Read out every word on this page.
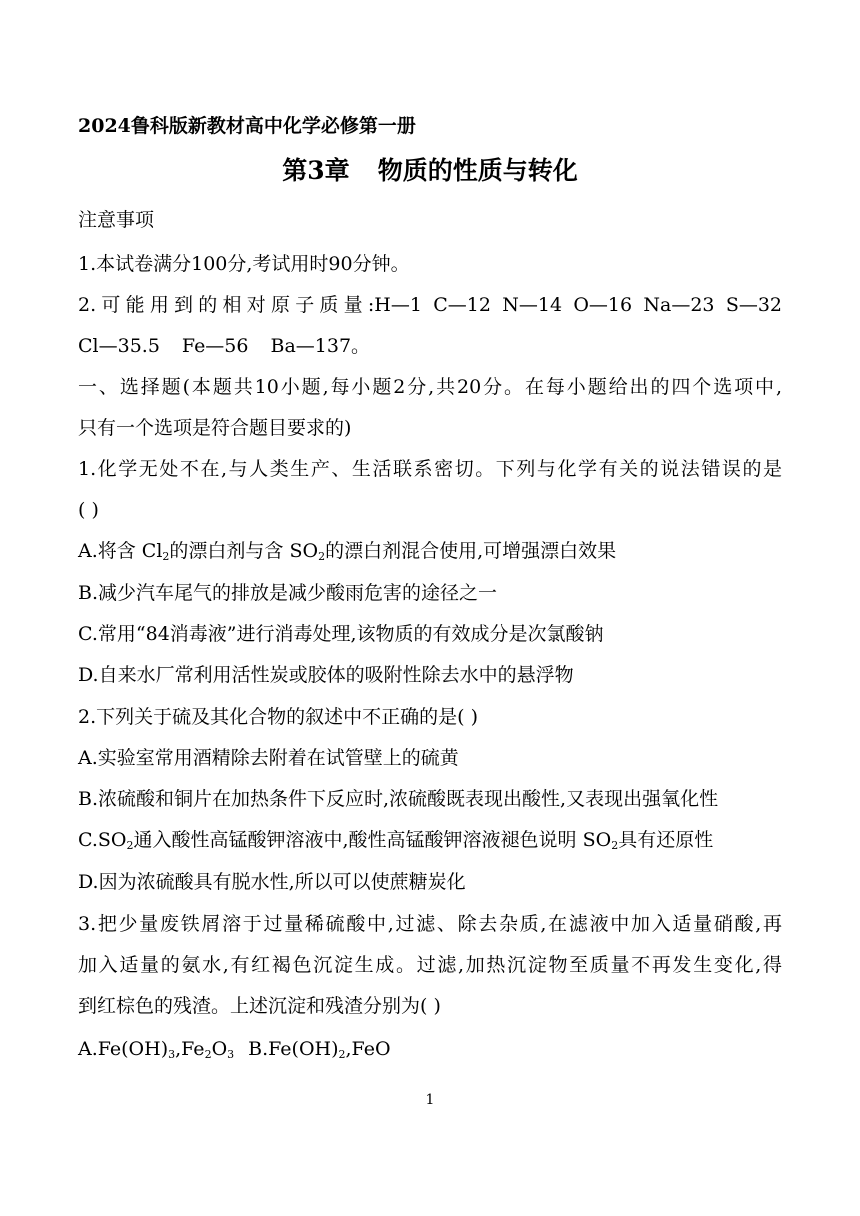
2024鲁科版新教材高中化学必修第一册
第3章 物质的性质与转化
注意事项
1.本试卷满分100分,考试用时90分钟。
2.可能用到的相对原子质量:H—1 C—12 N—14 O—16 Na—23 S—32
Cl—35.5 Fe—56 Ba—137。
一、选择题(本题共10小题,每小题2分,共20分。在每小题给出的四个选项中,
只有一个选项是符合题目要求的)
1.化学无处不在,与人类生产、生活联系密切。下列与化学有关的说法错误的是
( )
A.将含 $Cl_2$的漂白剂与含 $SO_2$的漂白剂混合使用,可增强漂白效果
B.减少汽车尾气的排放是减少酸雨危害的途径之一
C.常用“84消毒液”进行消毒处理,该物质的有效成分是次氯酸钠
D.自来水厂常利用活性炭或胶体的吸附性除去水中的悬浮物
2.下列关于硫及其化合物的叙述中不正确的是( )
A.实验室常用酒精除去附着在试管壁上的硫黄
B.浓硫酸和铜片在加热条件下反应时,浓硫酸既表现出酸性,又表现出强氧化性
$C.SO_2$通入酸性高锰酸钾溶液中,酸性高锰酸钾溶液褪色说明 $SO_2$具有还原性
D.因为浓硫酸具有脱水性,所以可以使蔗糖炭化
3.把少量废铁屑溶于过量稀硫酸中,过滤、除去杂质,在滤液中加入适量硝酸,再
加入适量的氨水,有红褐色沉淀生成。过滤,加热沉淀物至质量不再发生变化,得
到红棕色的残渣。上述沉淀和残渣分别为( )
$A.Fe(OH)_3,Fe_2O_3$ $B.Fe(OH)_2,FeO$
1
